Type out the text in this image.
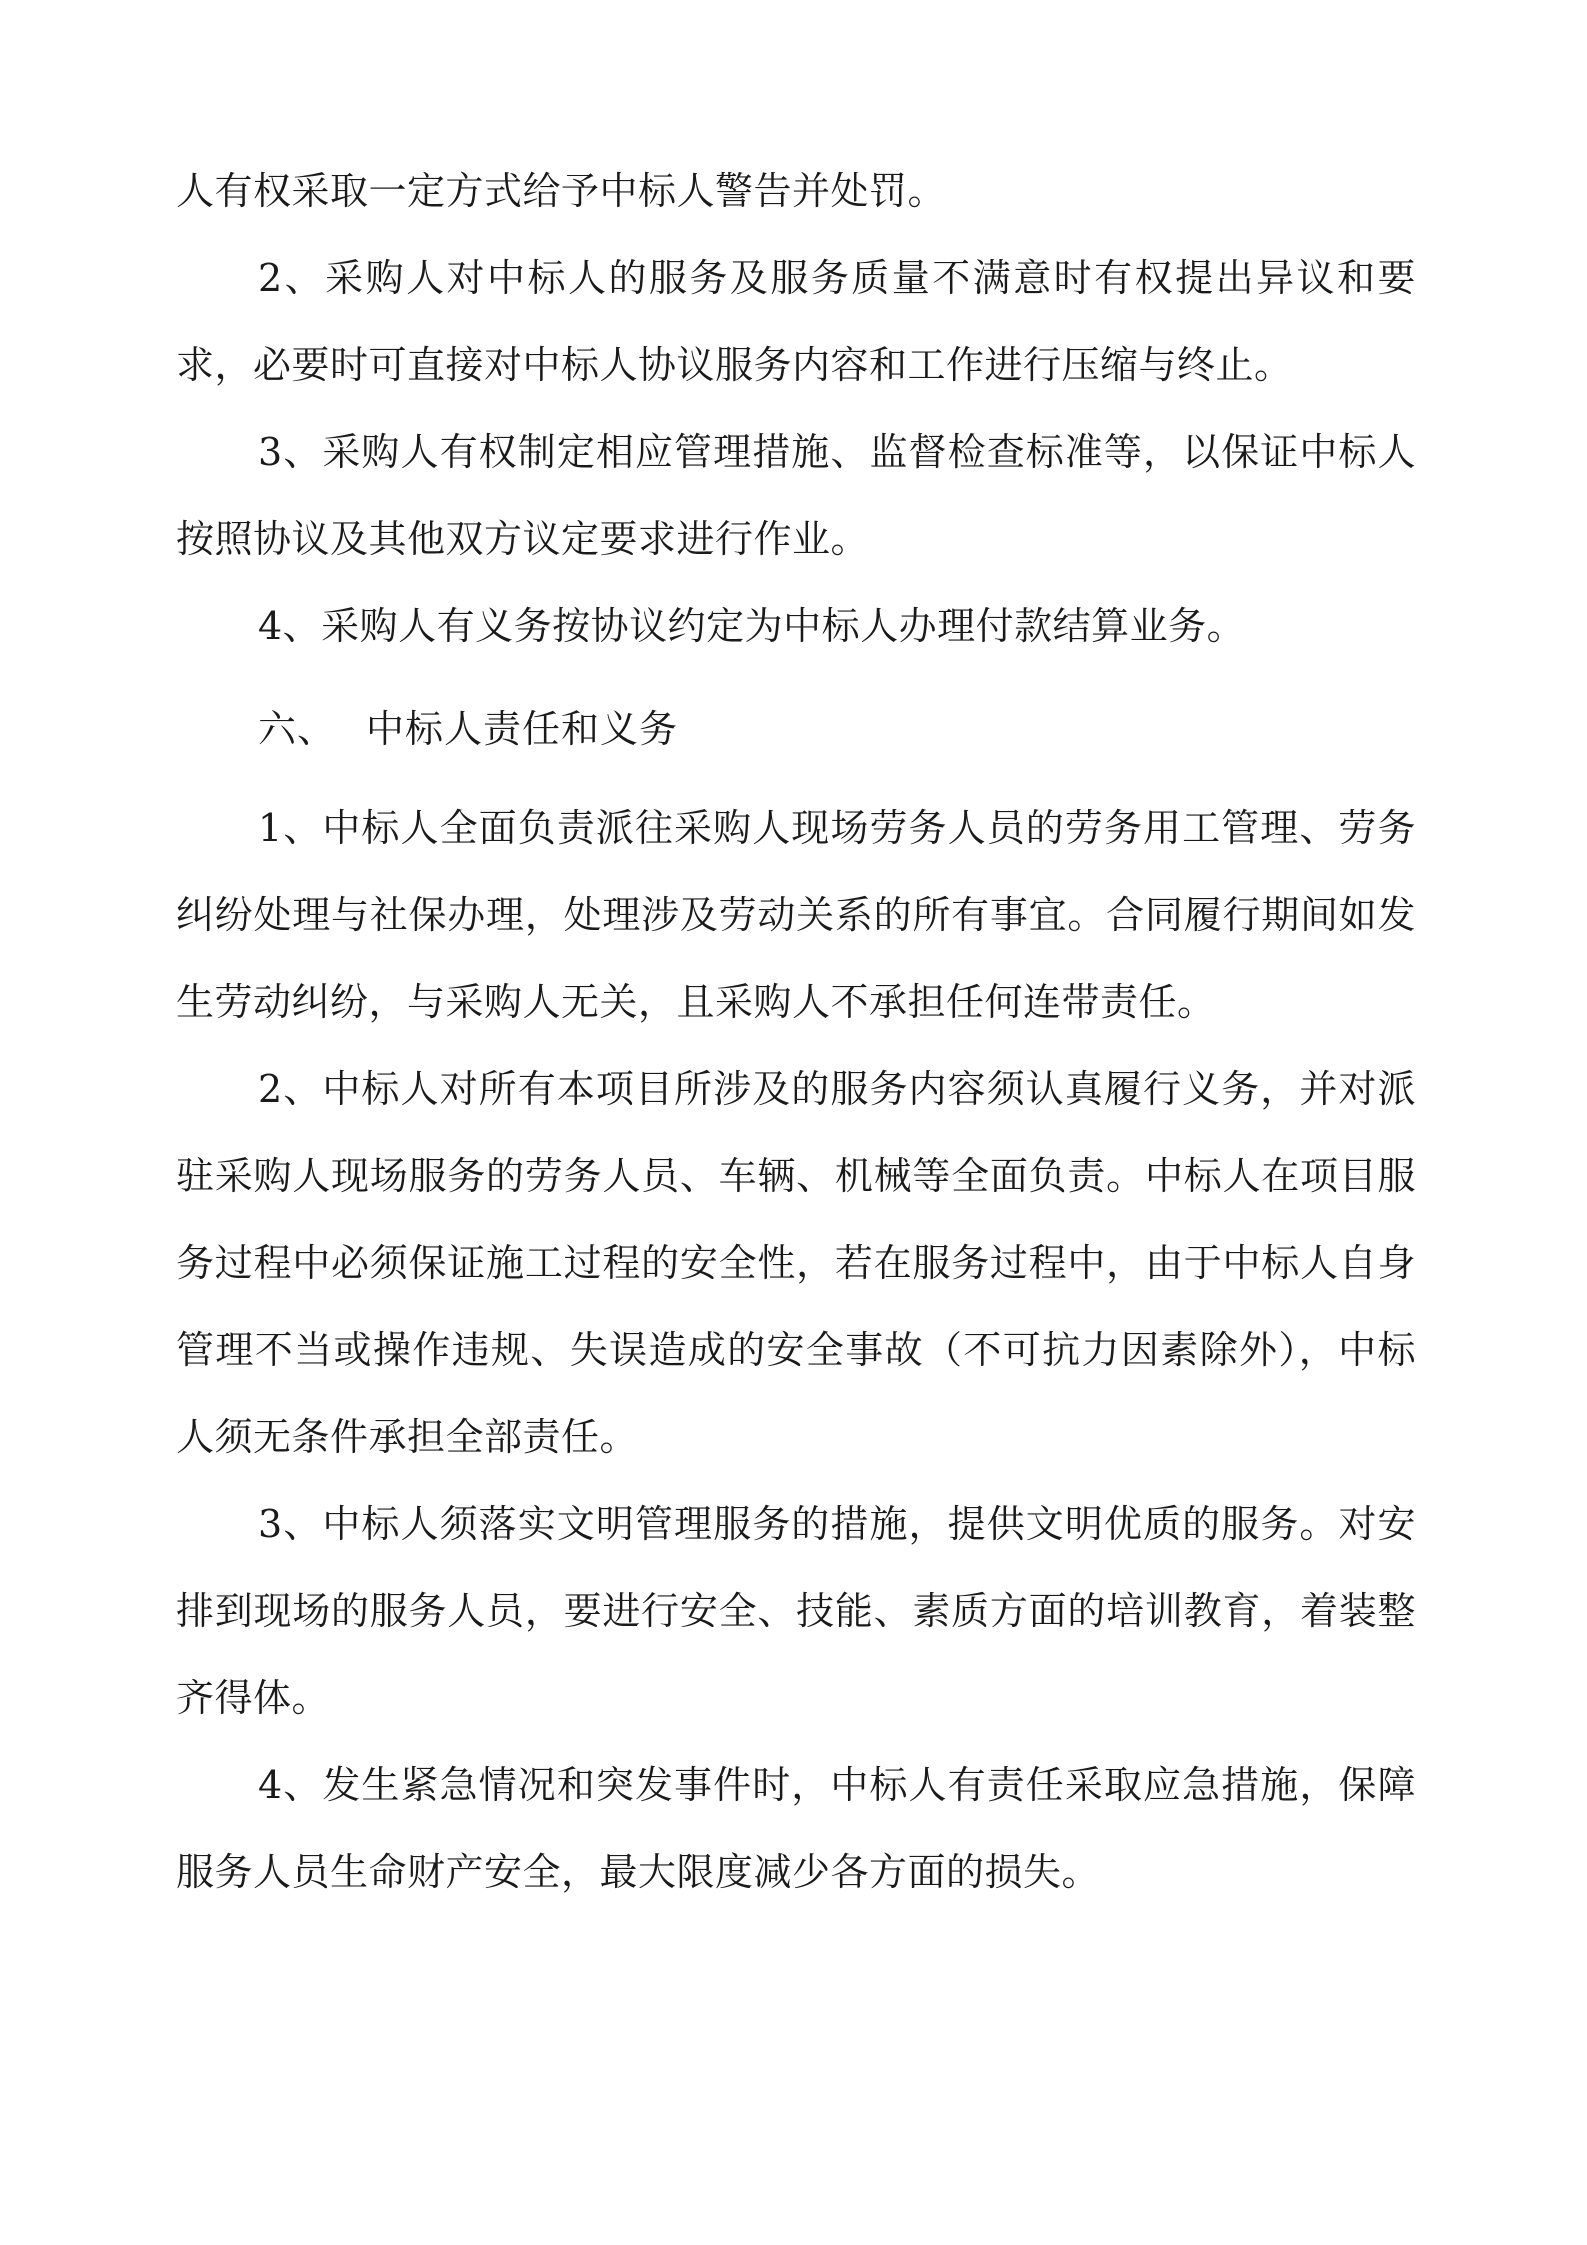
人有权采取一定方式给予中标人警告并处罚。

2、采购人对中标人的服务及服务质量不满意时有权提出异议和要求，必要时可直接对中标人协议服务内容和工作进行压缩与终止。

3、采购人有权制定相应管理措施、监督检查标准等，以保证中标人按照协议及其他双方议定要求进行作业。

4、采购人有义务按协议约定为中标人办理付款结算业务。

六、 中标人责任和义务

1、中标人全面负责派往采购人现场劳务人员的劳务用工管理、劳务纠纷处理与社保办理，处理涉及劳动关系的所有事宜。合同履行期间如发生劳动纠纷，与采购人无关，且采购人不承担任何连带责任。

2、中标人对所有本项目所涉及的服务内容须认真履行义务，并对派驻采购人现场服务的劳务人员、车辆、机械等全面负责。中标人在项目服务过程中必须保证施工过程的安全性，若在服务过程中，由于中标人自身管理不当或操作违规、失误造成的安全事故（不可抗力因素除外），中标人须无条件承担全部责任。

3、中标人须落实文明管理服务的措施，提供文明优质的服务。对安排到现场的服务人员，要进行安全、技能、素质方面的培训教育，着装整齐得体。

4、发生紧急情况和突发事件时，中标人有责任采取应急措施，保障服务人员生命财产安全，最大限度减少各方面的损失。
